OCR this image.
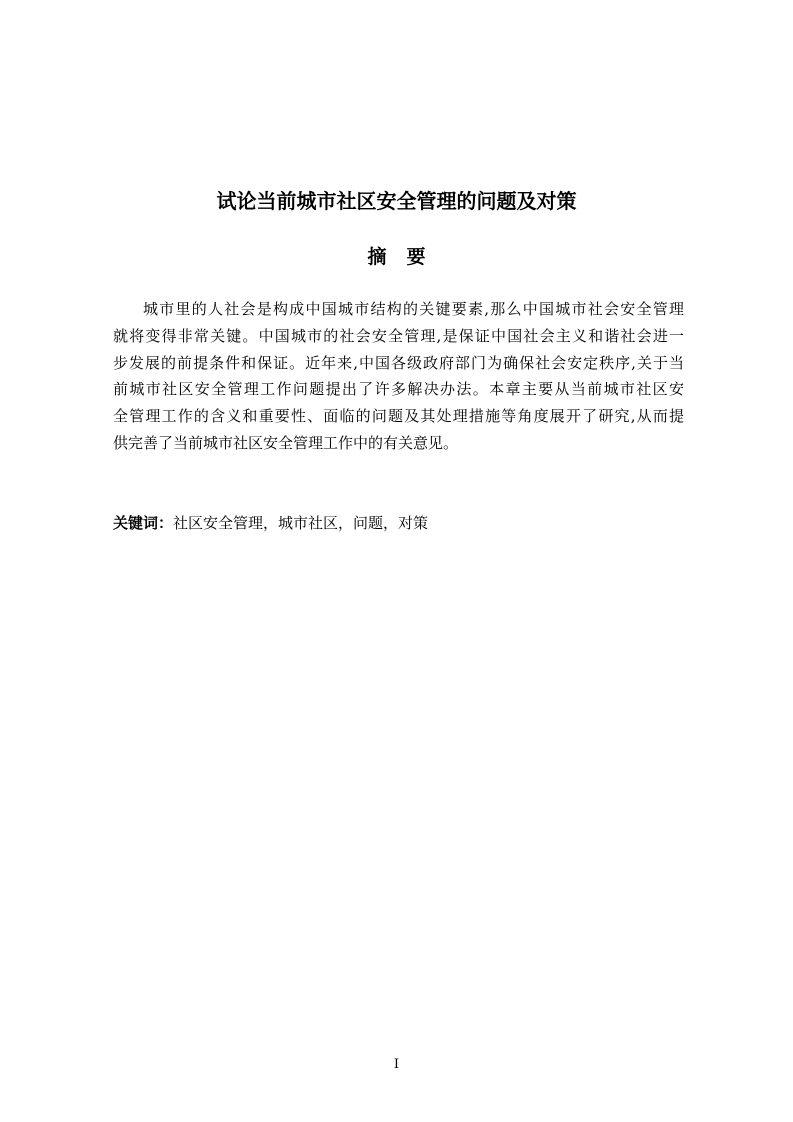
试论当前城市社区安全管理的问题及对策
摘 要
城市里的人社会是构成中国城市结构的关键要素,那么中国城市社会安全管理
就将变得非常关键。中国城市的社会安全管理,是保证中国社会主义和谐社会进一
步发展的前提条件和保证。近年来,中国各级政府部门为确保社会安定秩序,关于当
前城市社区安全管理工作问题提出了许多解决办法。本章主要从当前城市社区安
全管理工作的含义和重要性、面临的问题及其处理措施等角度展开了研究,从而提
供完善了当前城市社区安全管理工作中的有关意见。
关键词：社区安全管理，城市社区，问题，对策
I
